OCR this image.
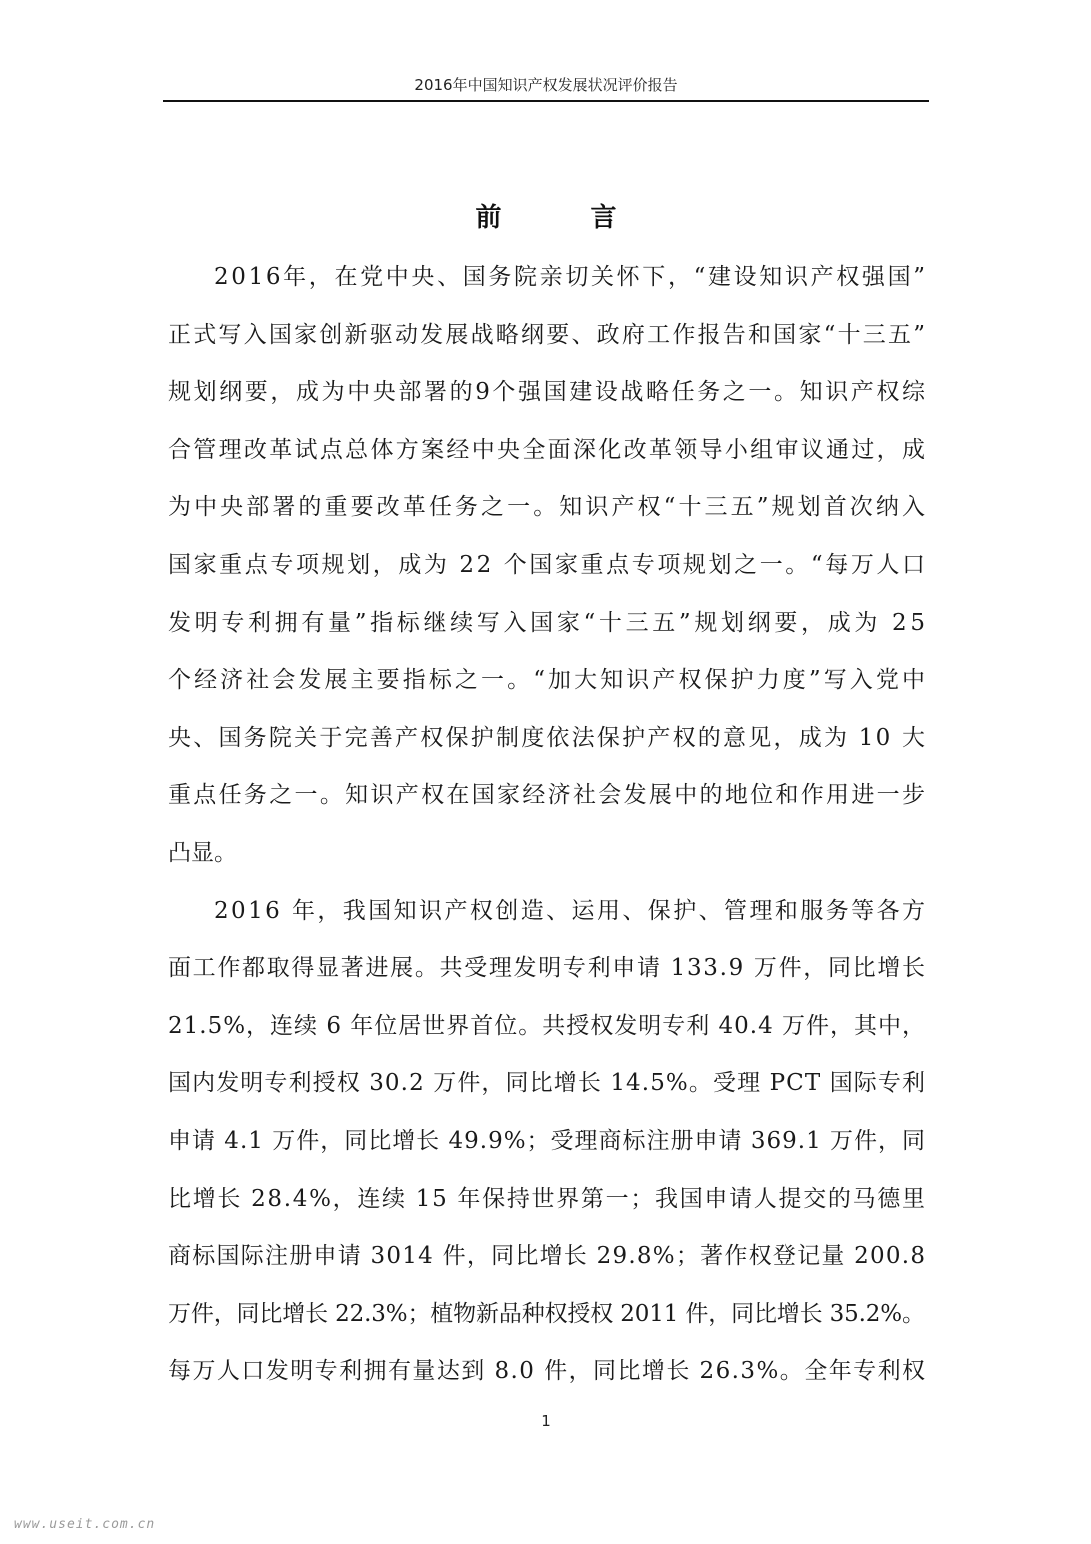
2016年中国知识产权发展状况评价报告
前 言
2016年，在党中央、国务院亲切关怀下，“建设知识产权强国”
正式写入国家创新驱动发展战略纲要、政府工作报告和国家“十三五”
规划纲要，成为中央部署的9个强国建设战略任务之一。知识产权综
合管理改革试点总体方案经中央全面深化改革领导小组审议通过，成
为中央部署的重要改革任务之一。知识产权“十三五”规划首次纳入
国家重点专项规划，成为 22 个国家重点专项规划之一。“每万人口
发明专利拥有量”指标继续写入国家“十三五”规划纲要，成为 25
个经济社会发展主要指标之一。“加大知识产权保护力度”写入党中
央、国务院关于完善产权保护制度依法保护产权的意见，成为 10 大
重点任务之一。知识产权在国家经济社会发展中的地位和作用进一步
凸显。
2016 年，我国知识产权创造、运用、保护、管理和服务等各方
面工作都取得显著进展。共受理发明专利申请 133.9 万件，同比增长
21.5%，连续 6 年位居世界首位。共授权发明专利 40.4 万件，其中，
国内发明专利授权 30.2 万件，同比增长 14.5%。受理 PCT 国际专利
申请 4.1 万件，同比增长 49.9%；受理商标注册申请 369.1 万件，同
比增长 28.4%，连续 15 年保持世界第一；我国申请人提交的马德里
商标国际注册申请 3014 件，同比增长 29.8%；著作权登记量 200.8
万件，同比增长 22.3%；植物新品种权授权 2011 件，同比增长 35.2%。
每万人口发明专利拥有量达到 8.0 件，同比增长 26.3%。全年专利权
1
www.useit.com.cn
